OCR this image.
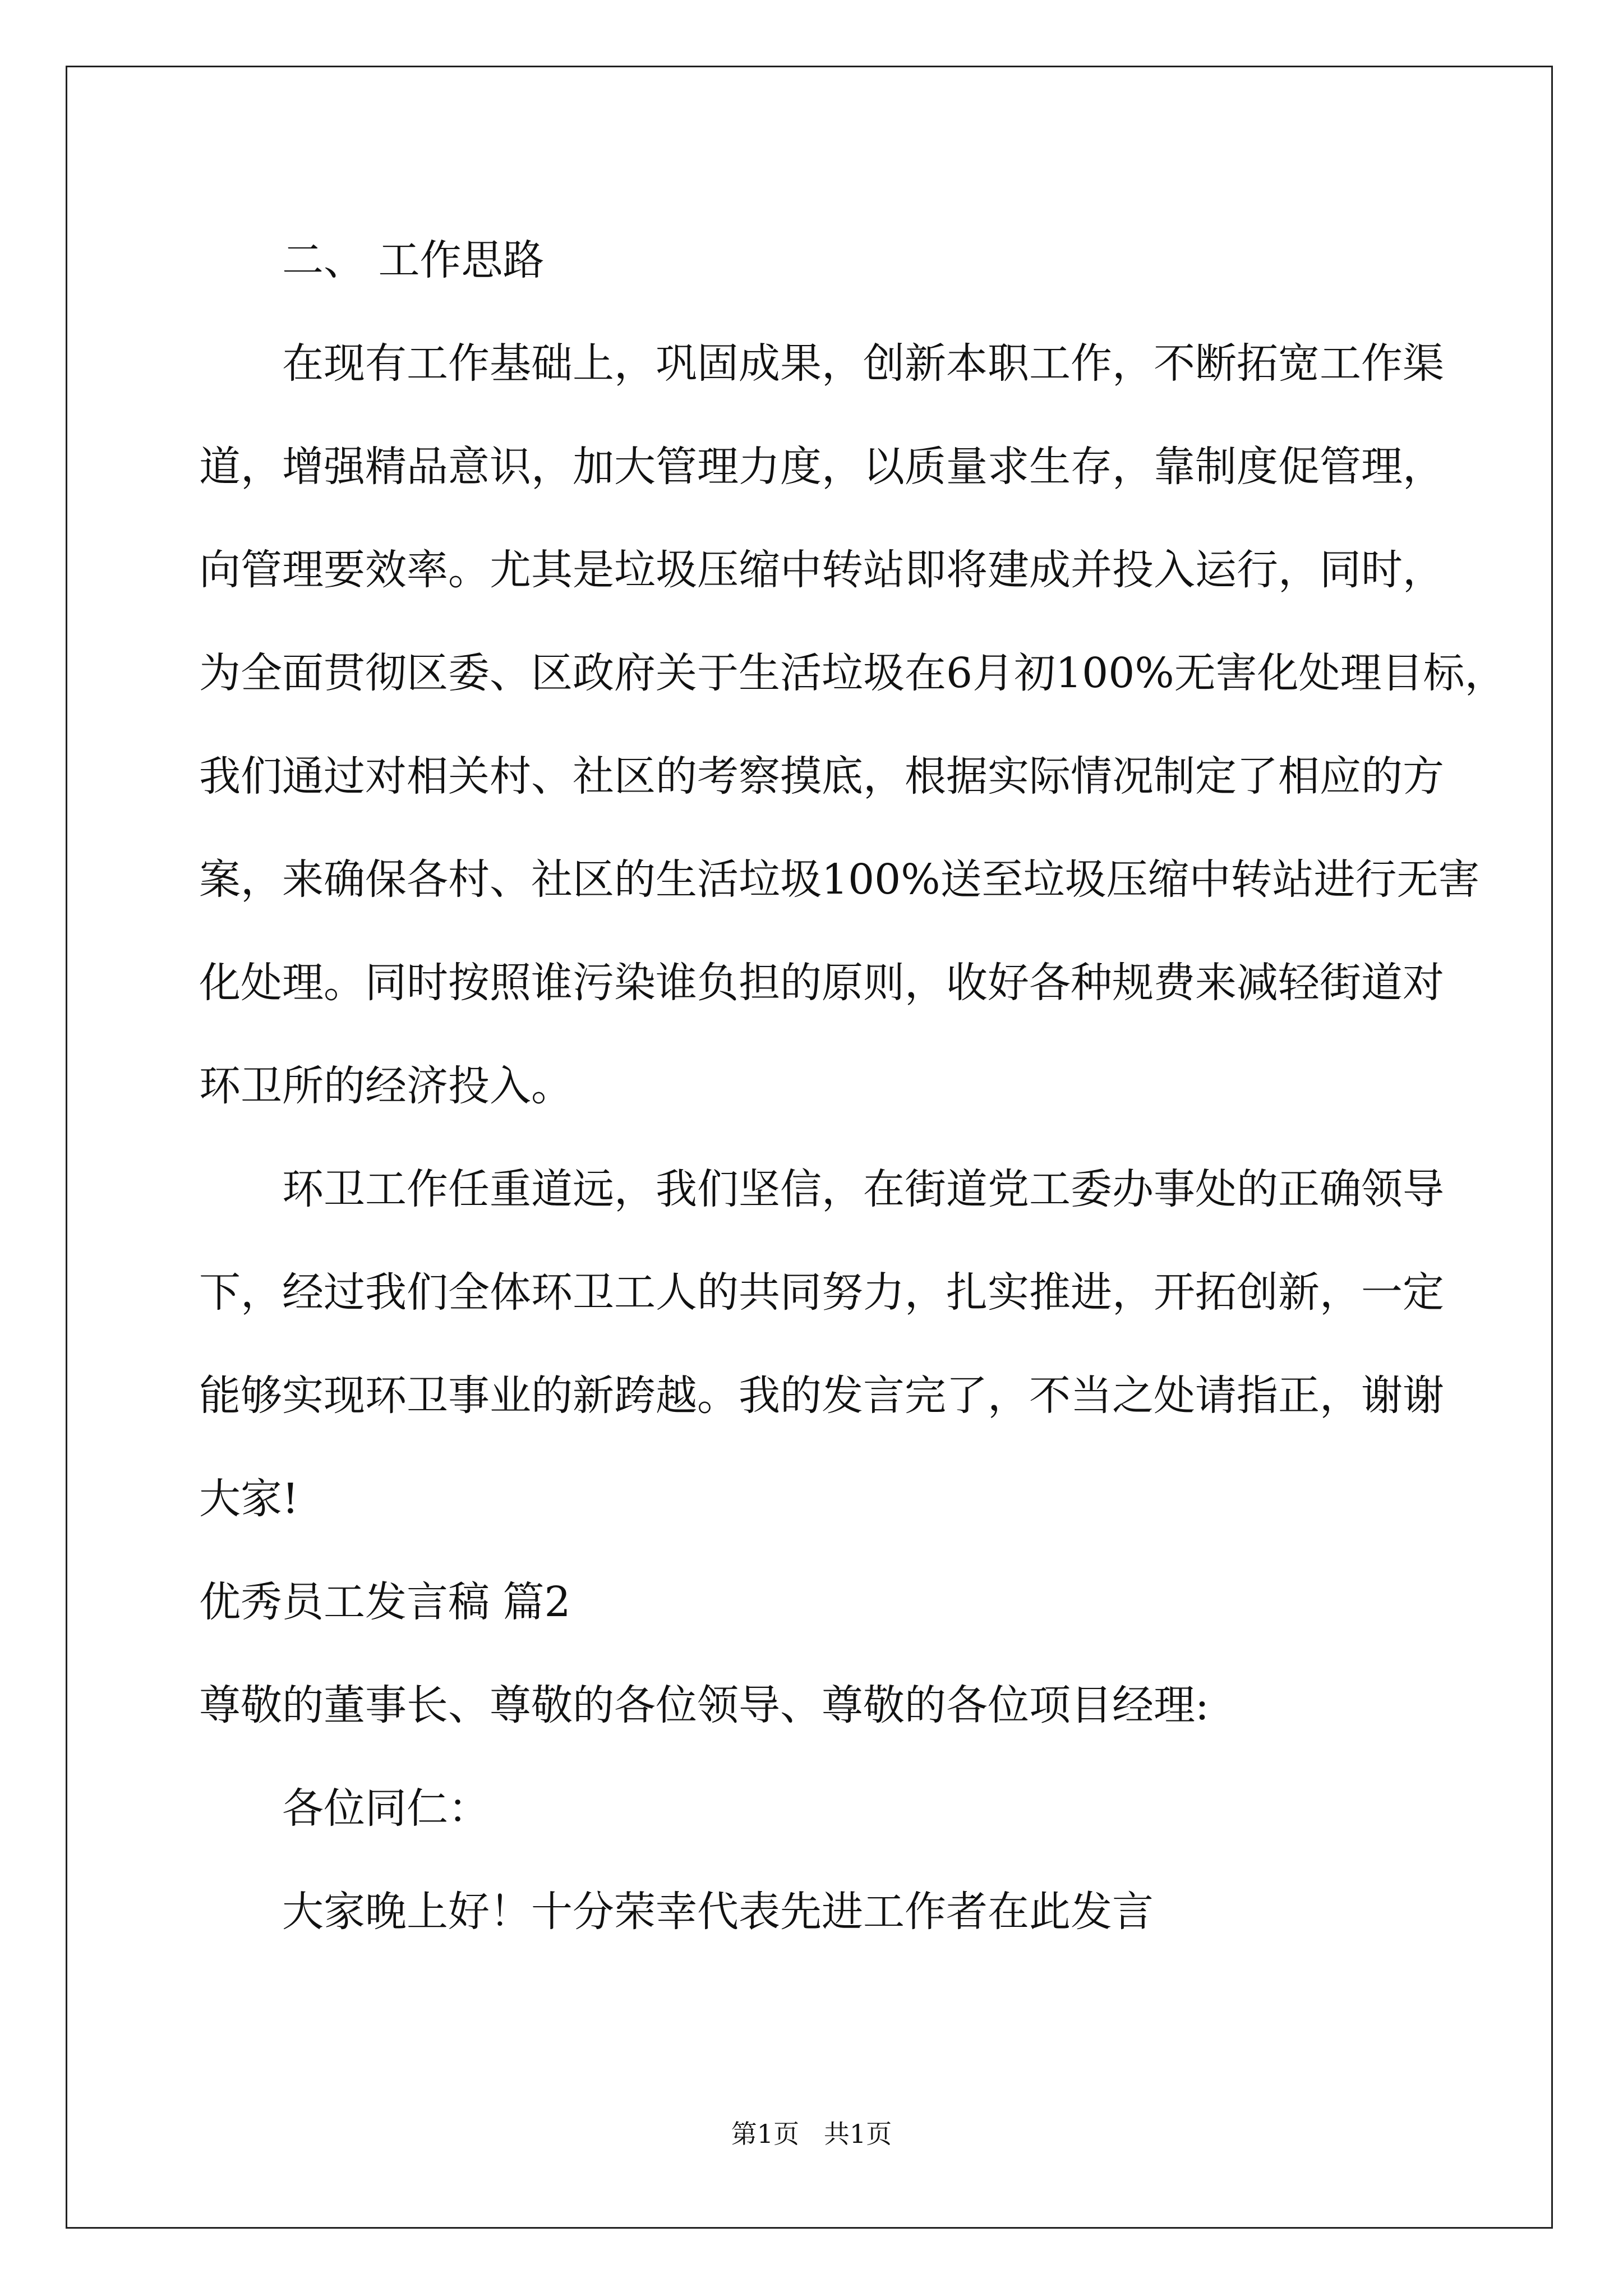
二、 工作思路

在现有工作基础上，巩固成果，创新本职工作，不断拓宽工作渠

道，增强精品意识，加大管理力度，以质量求生存，靠制度促管理，

向管理要效率。尤其是垃圾压缩中转站即将建成并投入运行，同时，

为全面贯彻区委、区政府关于生活垃圾在6月初100%无害化处理目标，

我们通过对相关村、社区的考察摸底，根据实际情况制定了相应的方

案，来确保各村、社区的生活垃圾100%送至垃圾压缩中转站进行无害

化处理。同时按照谁污染谁负担的原则，收好各种规费来减轻街道对

环卫所的经济投入。

环卫工作任重道远，我们坚信，在街道党工委办事处的正确领导

下，经过我们全体环卫工人的共同努力，扎实推进，开拓创新，一定

能够实现环卫事业的新跨越。我的发言完了，不当之处请指正，谢谢

大家!

优秀员工发言稿 篇2

尊敬的董事长、尊敬的各位领导、尊敬的各位项目经理:

各位同仁：

大家晚上好！十分荣幸代表先进工作者在此发言

第1页   共1页
